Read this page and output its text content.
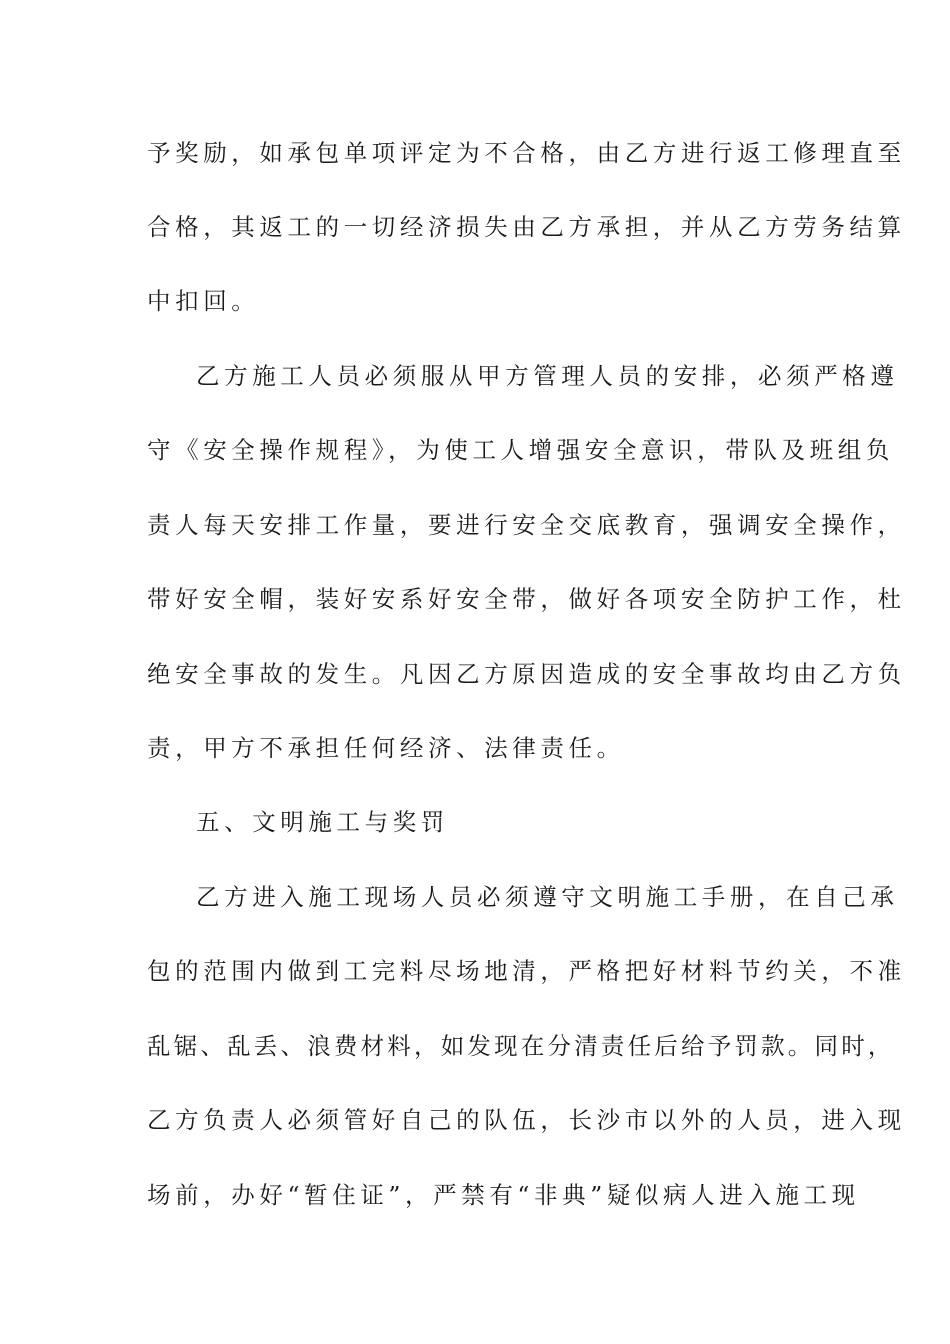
予奖励，如承包单项评定为不合格，由乙方进行返工修理直至
合格，其返工的一切经济损失由乙方承担，并从乙方劳务结算
中扣回。
乙方施工人员必须服从甲方管理人员的安排，必须严格遵
守《安全操作规程》，为使工人增强安全意识，带队及班组负
责人每天安排工作量，要进行安全交底教育，强调安全操作，
带好安全帽，装好安系好安全带，做好各项安全防护工作，杜
绝安全事故的发生。凡因乙方原因造成的安全事故均由乙方负
责，甲方不承担任何经济、法律责任。
五、文明施工与奖罚
乙方进入施工现场人员必须遵守文明施工手册，在自己承
包的范围内做到工完料尽场地清，严格把好材料节约关，不准
乱锯、乱丢、浪费材料，如发现在分清责任后给予罚款。同时，
乙方负责人必须管好自己的队伍，长沙市以外的人员，进入现
场前，办好“暂住证”，严禁有“非典”疑似病人进入施工现
